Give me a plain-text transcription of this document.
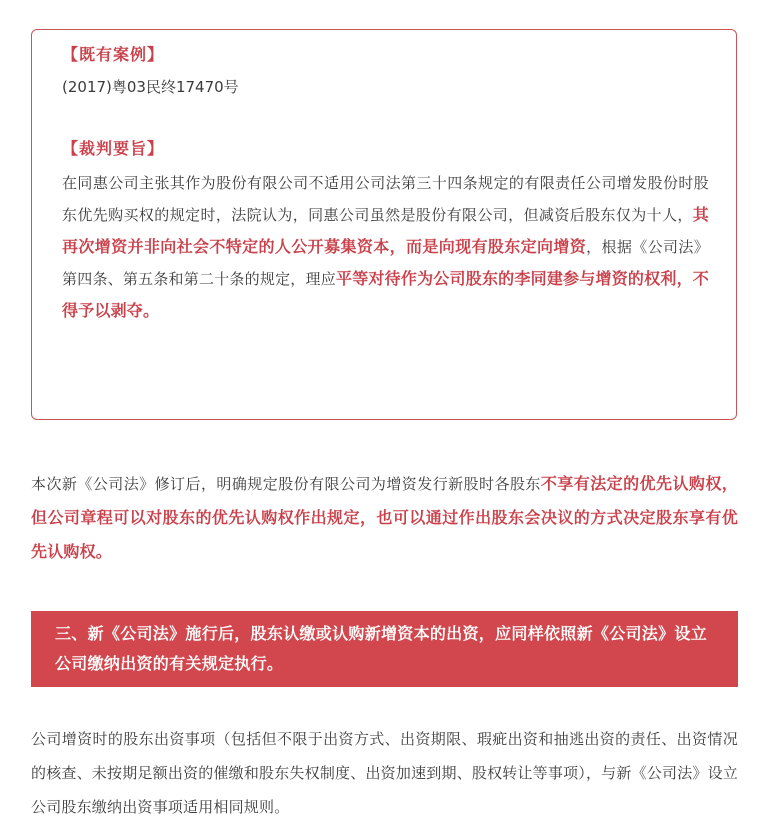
【既有案例】

(2017)粤03民终17470号

【裁判要旨】

在同惠公司主张其作为股份有限公司不适用公司法第三十四条规定的有限责任公司增发股份时股东优先购买权的规定时，法院认为，同惠公司虽然是股份有限公司，但减资后股东仅为十人，其再次增资并非向社会不特定的人公开募集资本，而是向现有股东定向增资，根据《公司法》第四条、第五条和第二十条的规定，理应平等对待作为公司股东的李同建参与增资的权利，不得予以剥夺。

本次新《公司法》修订后，明确规定股份有限公司为增资发行新股时各股东不享有法定的优先认购权，但公司章程可以对股东的优先认购权作出规定，也可以通过作出股东会决议的方式决定股东享有优先认购权。

三、新《公司法》施行后，股东认缴或认购新增资本的出资，应同样依照新《公司法》设立公司缴纳出资的有关规定执行。

公司增资时的股东出资事项（包括但不限于出资方式、出资期限、瑕疵出资和抽逃出资的责任、出资情况的核查、未按期足额出资的催缴和股东失权制度、出资加速到期、股权转让等事项），与新《公司法》设立公司股东缴纳出资事项适用相同规则。
